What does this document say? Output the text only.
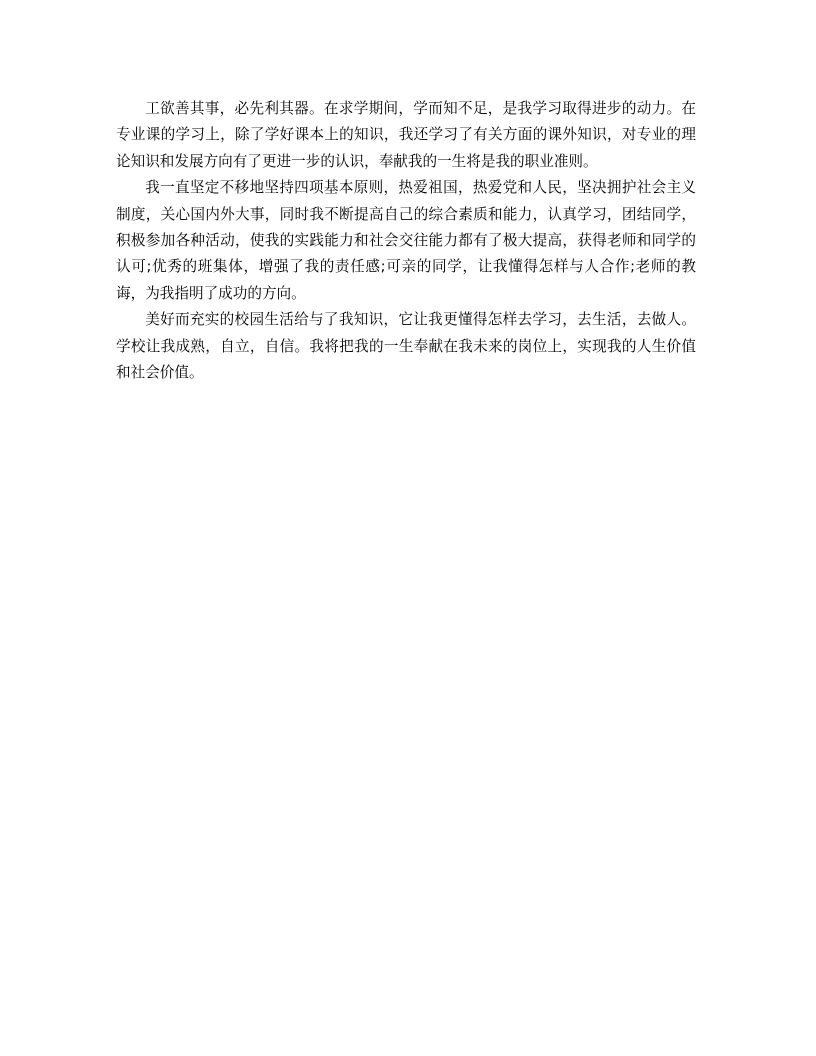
工欲善其事，必先利其器。在求学期间，学而知不足，是我学习取得进步的动力。在专业课的学习上，除了学好课本上的知识，我还学习了有关方面的课外知识，对专业的理论知识和发展方向有了更进一步的认识，奉献我的一生将是我的职业准则。

我一直坚定不移地坚持四项基本原则，热爱祖国，热爱党和人民，坚决拥护社会主义制度，关心国内外大事，同时我不断提高自己的综合素质和能力，认真学习，团结同学，积极参加各种活动，使我的实践能力和社会交往能力都有了极大提高，获得老师和同学的认可;优秀的班集体，增强了我的责任感;可亲的同学，让我懂得怎样与人合作;老师的教诲，为我指明了成功的方向。

美好而充实的校园生活给与了我知识，它让我更懂得怎样去学习，去生活，去做人。学校让我成熟，自立，自信。我将把我的一生奉献在我未来的岗位上，实现我的人生价值和社会价值。
